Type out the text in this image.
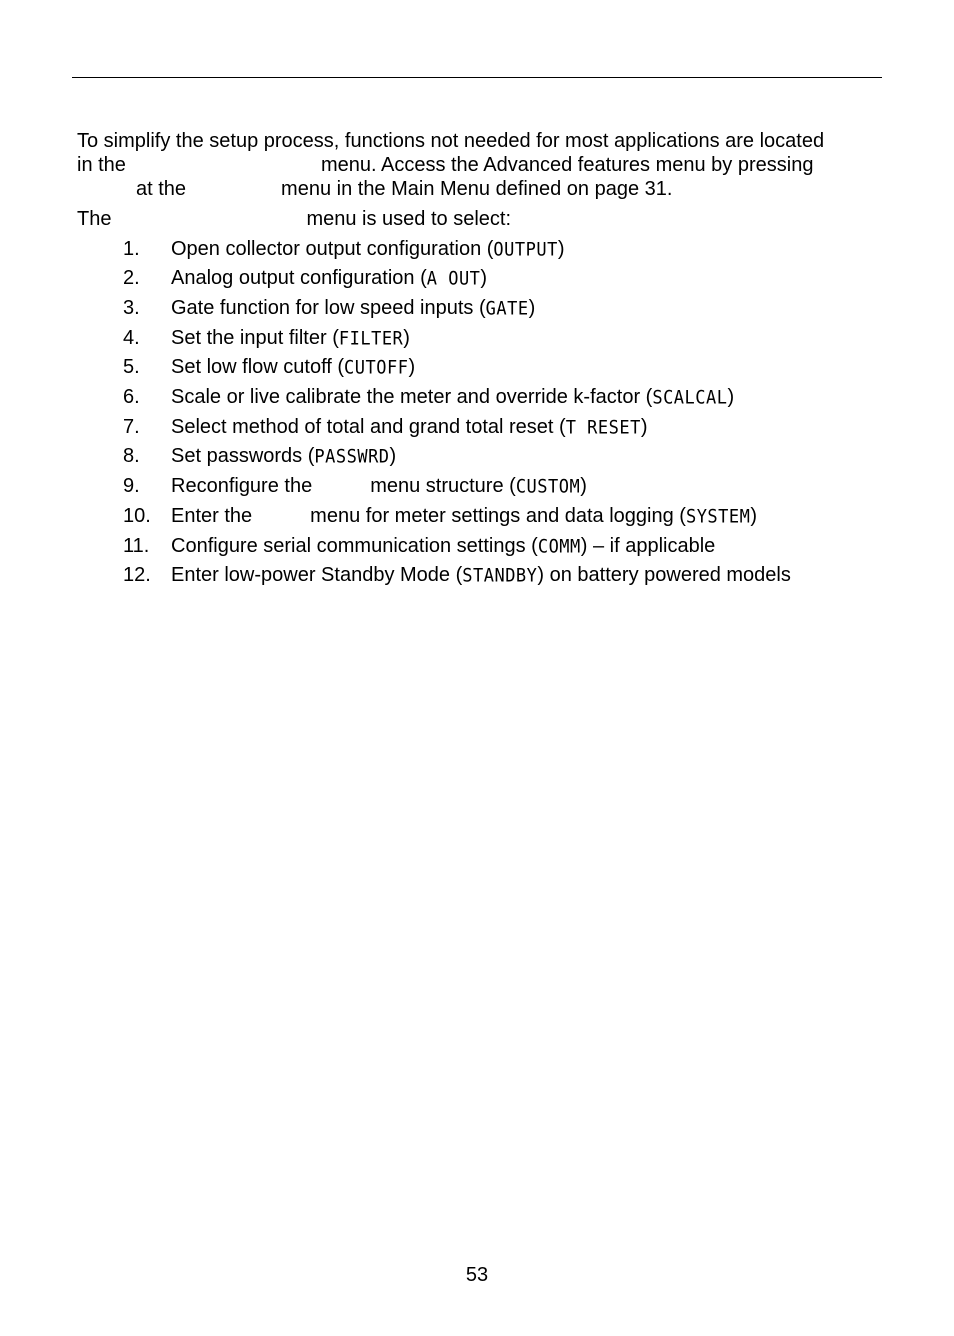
To simplify the setup process, functions not needed for most applications are located
in the	menu. Access the Advanced features menu by pressing
at the	menu in the Main Menu defined on page 31.
The	menu is used to select:
1. Open collector output configuration (OUTPUT)
2. Analog output configuration (A OUT)
3. Gate function for low speed inputs (GATE)
4. Set the input filter (FILTER)
5. Set low flow cutoff (CUTOFF)
6. Scale or live calibrate the meter and override k-factor (SCALCAL)
7. Select method of total and grand total reset (T RESET)
8. Set passwords (PASSWRD)
9. Reconfigure the	menu structure (CUSTOM)
10. Enter the	menu for meter settings and data logging (SYSTEM)
11. Configure serial communication settings (COMM) – if applicable
12. Enter low-power Standby Mode (STANDBY) on battery powered models
53
